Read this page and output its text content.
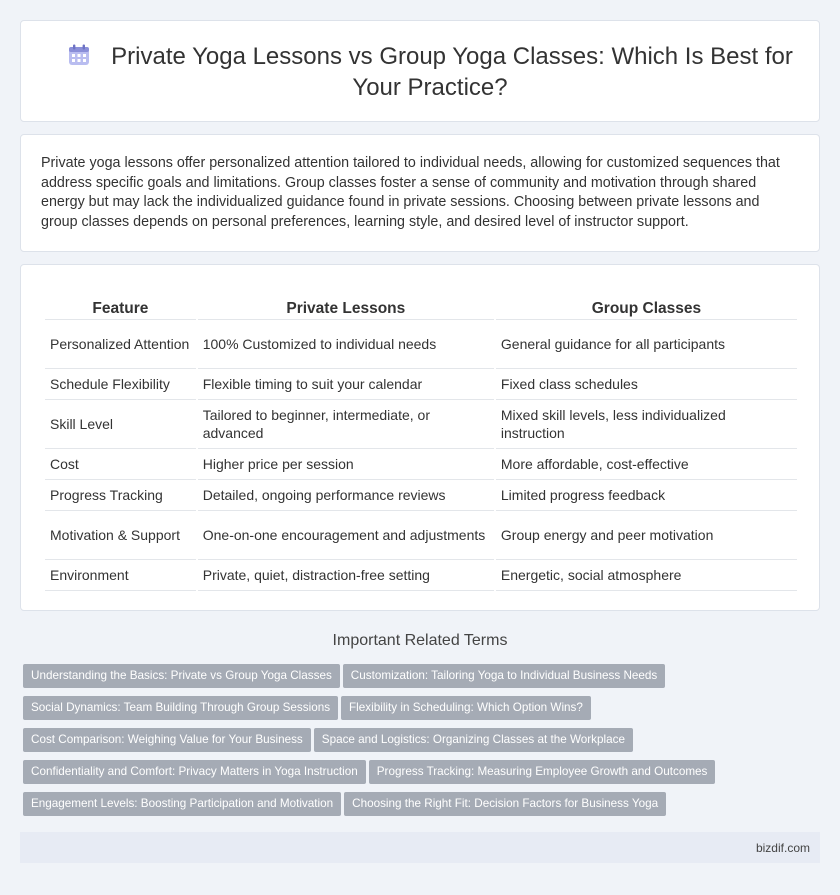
Private Yoga Lessons vs Group Yoga Classes: Which Is Best for Your Practice?

Private yoga lessons offer personalized attention tailored to individual needs, allowing for customized sequences that address specific goals and limitations. Group classes foster a sense of community and motivation through shared energy but may lack the individualized guidance found in private sessions. Choosing between private lessons and group classes depends on personal preferences, learning style, and desired level of instructor support.

Feature	Private Lessons	Group Classes
Personalized Attention	100% Customized to individual needs	General guidance for all participants
Schedule Flexibility	Flexible timing to suit your calendar	Fixed class schedules
Skill Level	Tailored to beginner, intermediate, or advanced	Mixed skill levels, less individualized instruction
Cost	Higher price per session	More affordable, cost-effective
Progress Tracking	Detailed, ongoing performance reviews	Limited progress feedback
Motivation & Support	One-on-one encouragement and adjustments	Group energy and peer motivation
Environment	Private, quiet, distraction-free setting	Energetic, social atmosphere
Important Related Terms
Understanding the Basics: Private vs Group Yoga Classes Customization: Tailoring Yoga to Individual Business Needs
Social Dynamics: Team Building Through Group Sessions Flexibility in Scheduling: Which Option Wins?
Cost Comparison: Weighing Value for Your Business Space and Logistics: Organizing Classes at the Workplace
Confidentiality and Comfort: Privacy Matters in Yoga Instruction Progress Tracking: Measuring Employee Growth and Outcomes
Engagement Levels: Boosting Participation and Motivation Choosing the Right Fit: Decision Factors for Business Yoga
bizdif.com
